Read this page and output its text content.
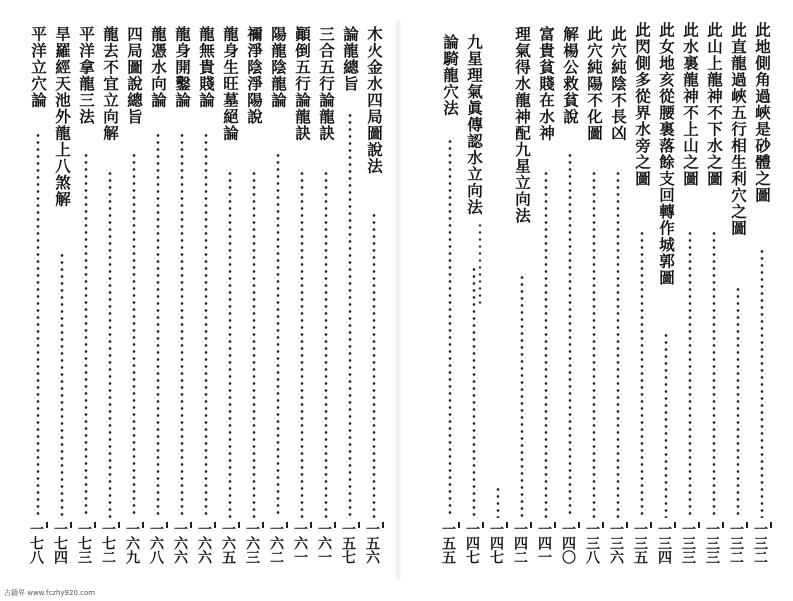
此地側角過峽是砂體之圖
一三二
此直龍過峽五行相生利穴之圖
一三二
此山上龍神不下水之圖
一三三
此水裏龍神不上山之圖
一三三
此女地亥從腰裏落餘支回轉作城郭圖
一三四
此閃側多從界水旁之圖
一三五
此穴純陰不長凶
一三六
此穴純陽不化圖
一三八
解楊公救貧說
一四〇
富貴貧賤在水神
一四一
理氣得水龍神配九星立向法
一四二
一四七
九星理氣眞傳認水立向法
一四七
論騎龍穴法
一五五
木火金水四局圖說法
一五六
論龍總旨
一五七
三合五行論龍訣
一六一
顚倒五行論龍訣
一六一
陽龍陰龍論
一六二
禰淨陰淨陽說
一六三
龍身生旺墓絕論
一六五
龍無貴賤論
一六六
龍身開鑿論
一六六
龍憑水向論
一六八
四局圖說總旨
一六九
龍去不宜立向解
一七二
平洋拿龍三法
一七三
旱羅經天池外龍上八煞解
一七四
平洋立穴論
一七八
古籍界 www.fczhy920.com
